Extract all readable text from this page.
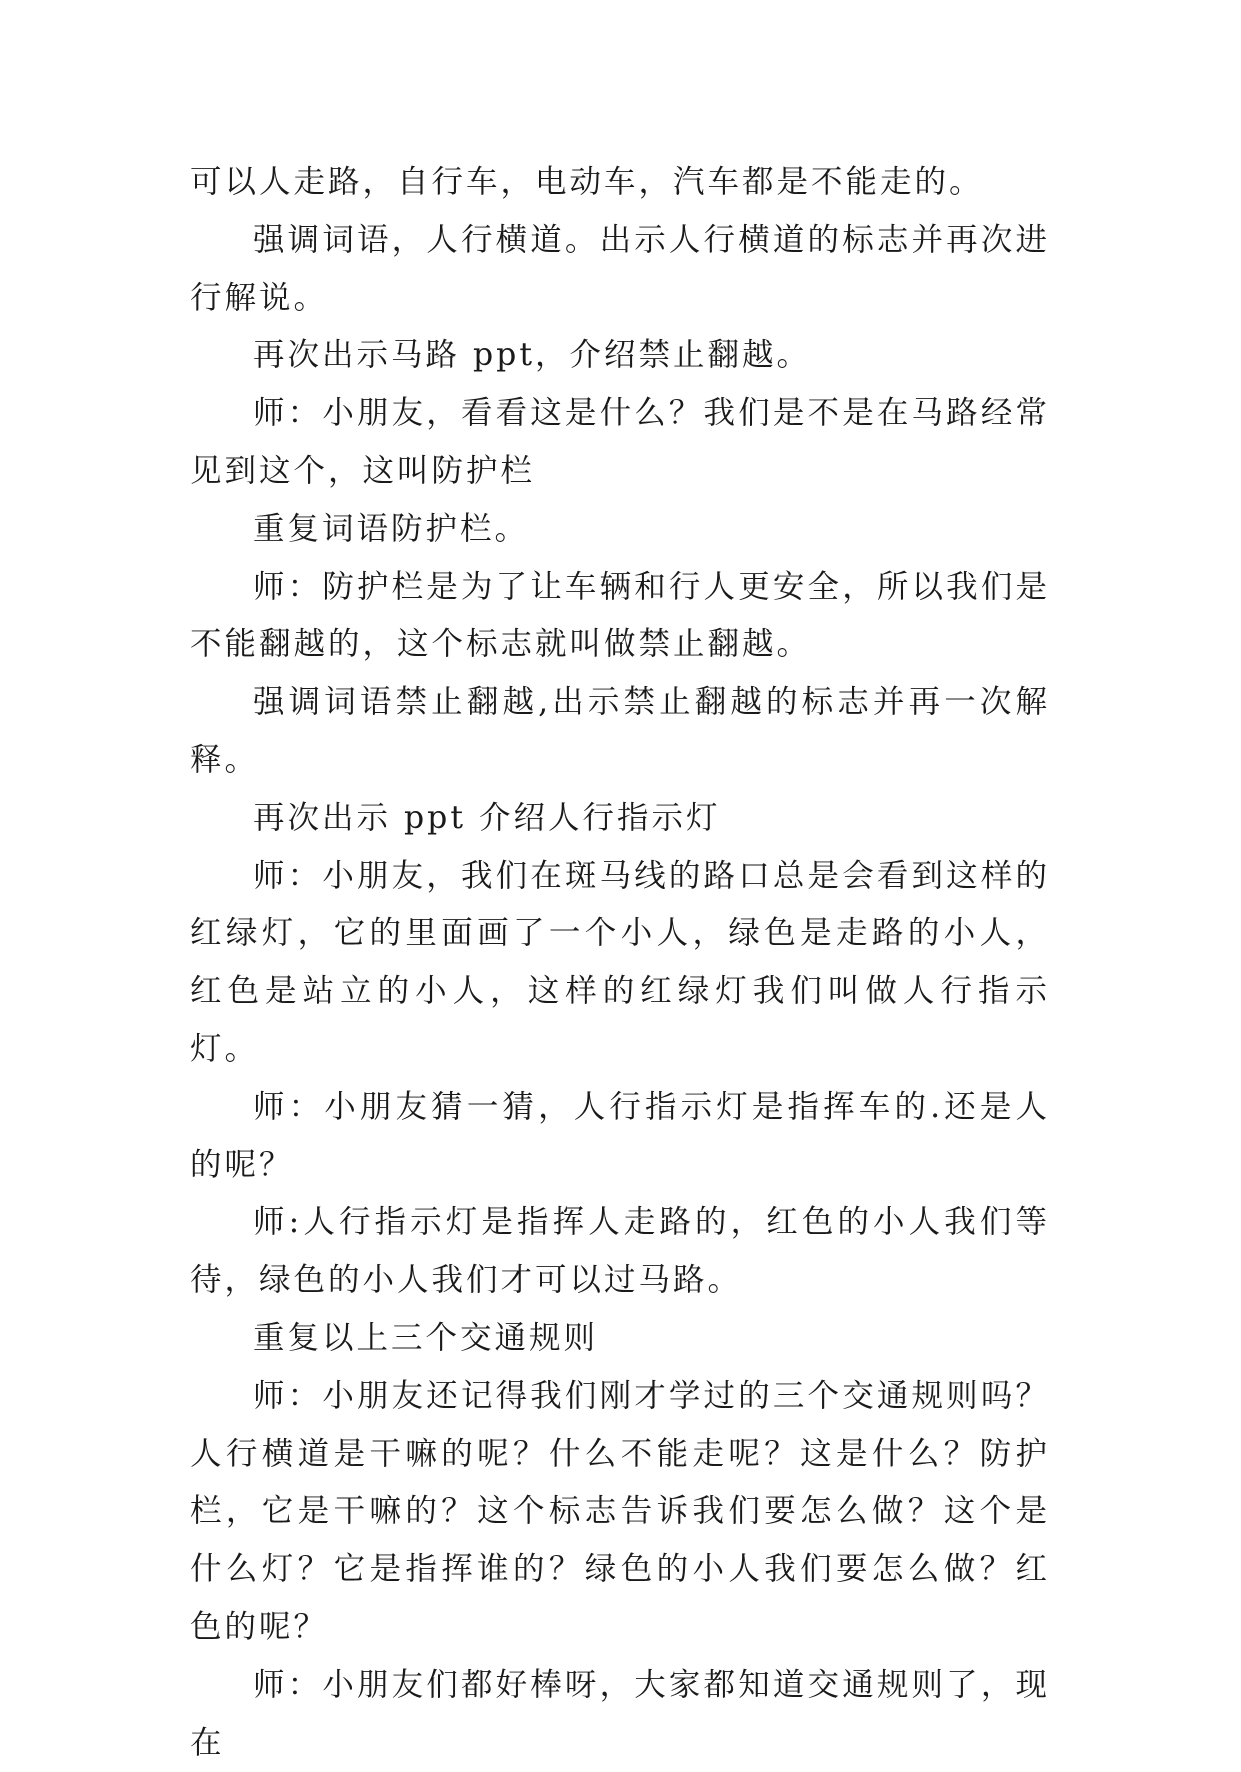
可以人走路，自行车，电动车，汽车都是不能走的。

强调词语，人行横道。出示人行横道的标志并再次进行解说。

再次出示马路 ppt，介绍禁止翻越。

师：小朋友，看看这是什么？我们是不是在马路经常见到这个，这叫防护栏

重复词语防护栏。

师：防护栏是为了让车辆和行人更安全，所以我们是不能翻越的，这个标志就叫做禁止翻越。

强调词语禁止翻越,出示禁止翻越的标志并再一次解释。

再次出示 ppt 介绍人行指示灯

师：小朋友，我们在斑马线的路口总是会看到这样的红绿灯，它的里面画了一个小人，绿色是走路的小人，红色是站立的小人，这样的红绿灯我们叫做人行指示灯。

师：小朋友猜一猜，人行指示灯是指挥车的.还是人的呢？

师:人行指示灯是指挥人走路的，红色的小人我们等待，绿色的小人我们才可以过马路。

重复以上三个交通规则

师：小朋友还记得我们刚才学过的三个交通规则吗？人行横道是干嘛的呢？什么不能走呢？这是什么？防护栏，它是干嘛的？这个标志告诉我们要怎么做？这个是什么灯？它是指挥谁的？绿色的小人我们要怎么做？红色的呢？

师：小朋友们都好棒呀，大家都知道交通规则了，现在
